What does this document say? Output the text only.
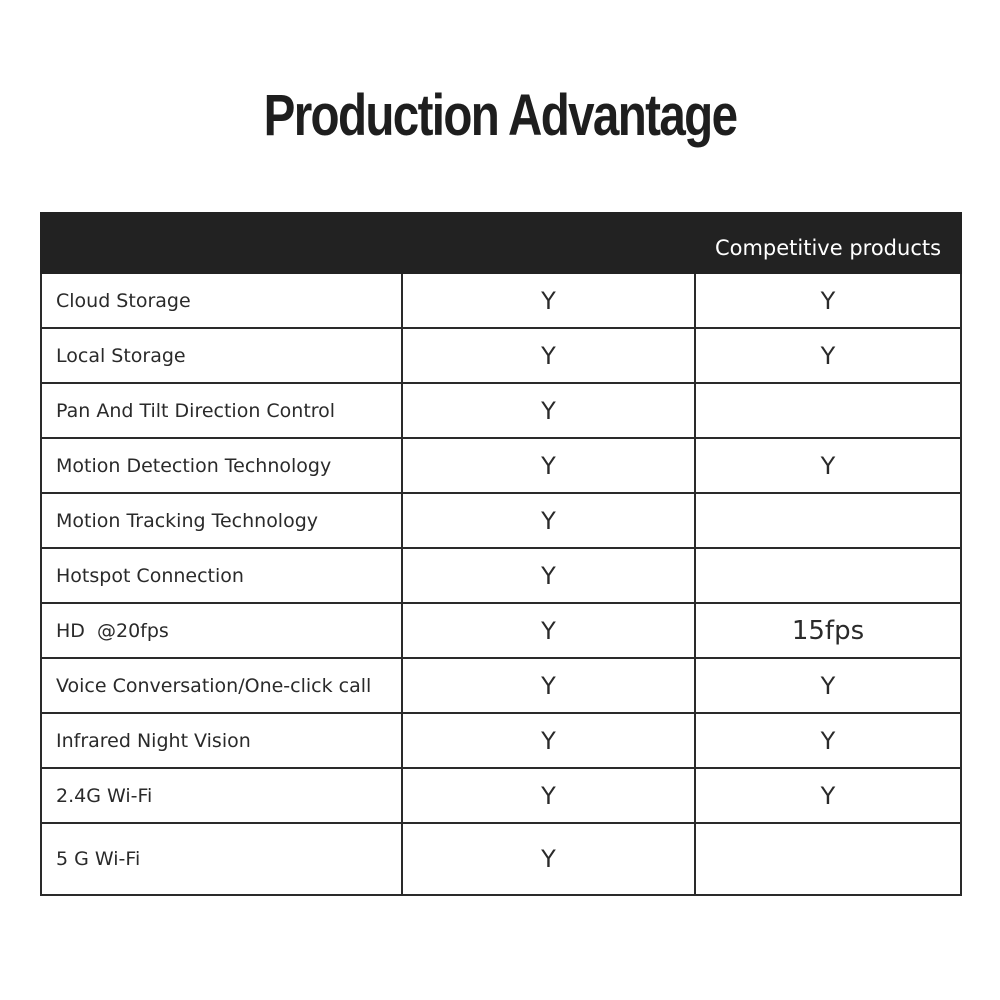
Production Advantage
		Competitive products
Cloud Storage	Y	Y
Local Storage	Y	Y
Pan And Tilt Direction Control	Y	
Motion Detection Technology	Y	Y
Motion Tracking Technology	Y	
Hotspot Connection	Y	
HD  @20fps	Y	15fps
Voice Conversation/One-click call	Y	Y
Infrared Night Vision	Y	Y
2.4G Wi-Fi	Y	Y
5 G Wi-Fi	Y	
